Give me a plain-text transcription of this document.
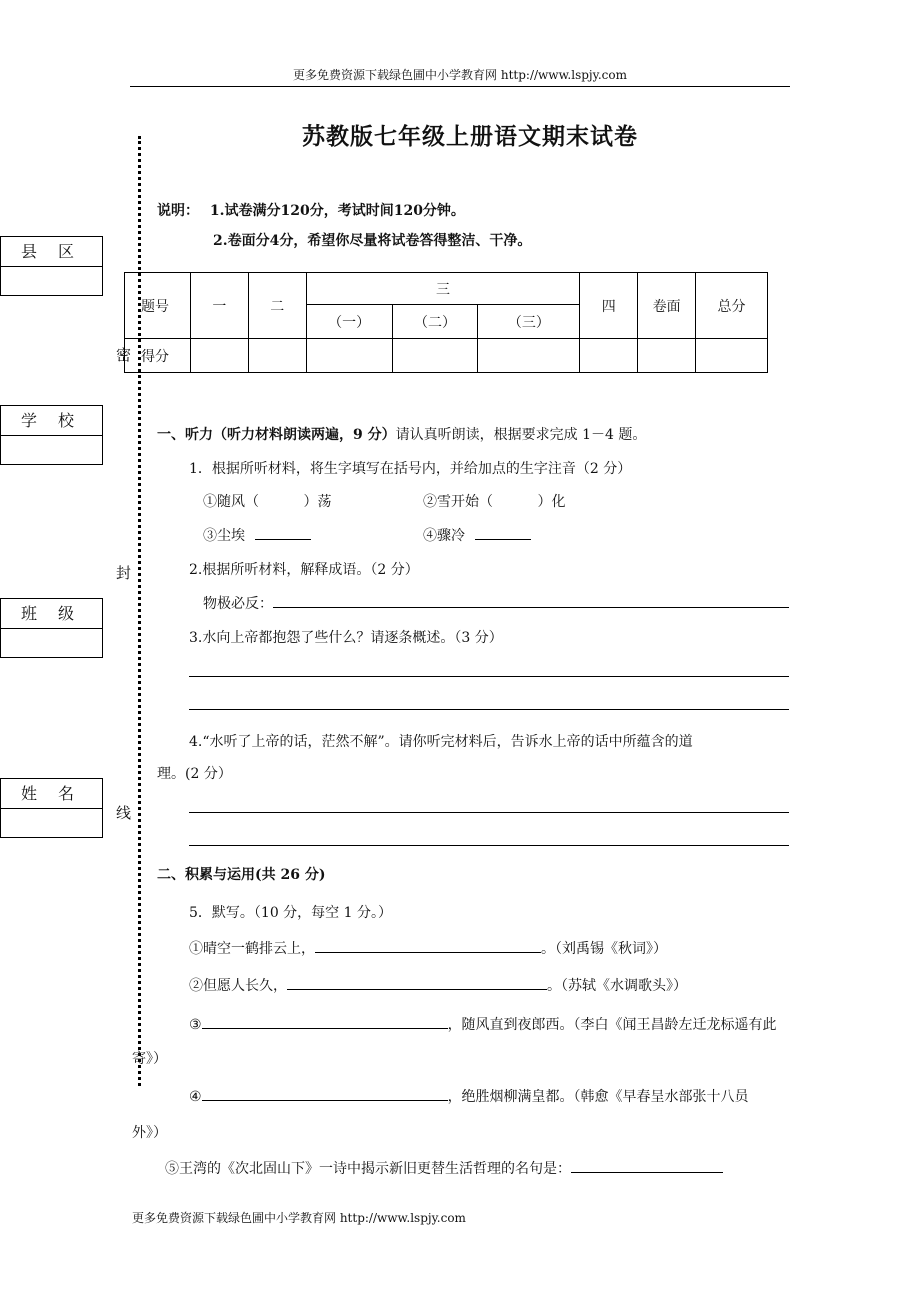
更多免费资源下载绿色圃中小学教育网 http://www.lspjy.com
苏教版七年级上册语文期末试卷
说明： 1.试卷满分120分，考试时间120分钟。
2.卷面分4分，希望你尽量将试卷答得整洁、干净。
密
封
线
县 区
学 校
班 级
姓 名
题号	一	二	三			四	卷面	总分
			（一）	（二）	（三）			
得分								
一、听力（听力材料朗读两遍，9 分）请认真听朗读，根据要求完成 1－4 题。
1．根据所听材料，将生字填写在括号内，并给加点的生字注音（2 分）
①随风（          ）荡	②雪开始（          ）化
③尘埃	④骤冷
2.根据所听材料，解释成语。（2 分）
物极必反：
3.水向上帝都抱怨了些什么？请逐条概述。（3 分）
4.“水听了上帝的话，茫然不解”。请你听完材料后，告诉水上帝的话中所蕴含的道
理。(2 分）
二、积累与运用(共 26 分)
5．默写。（10 分，每空 1 分。）
①晴空一鹤排云上，	。（刘禹锡《秋词》）
②但愿人长久，	。（苏轼《水调歌头》）
③	，随风直到夜郎西。（李白《闻王昌龄左迁龙标遥有此
寄》）
④	，绝胜烟柳满皇都。（韩愈《早春呈水部张十八员
外》）
⑤王湾的《次北固山下》一诗中揭示新旧更替生活哲理的名句是：
更多免费资源下载绿色圃中小学教育网 http://www.lspjy.com
